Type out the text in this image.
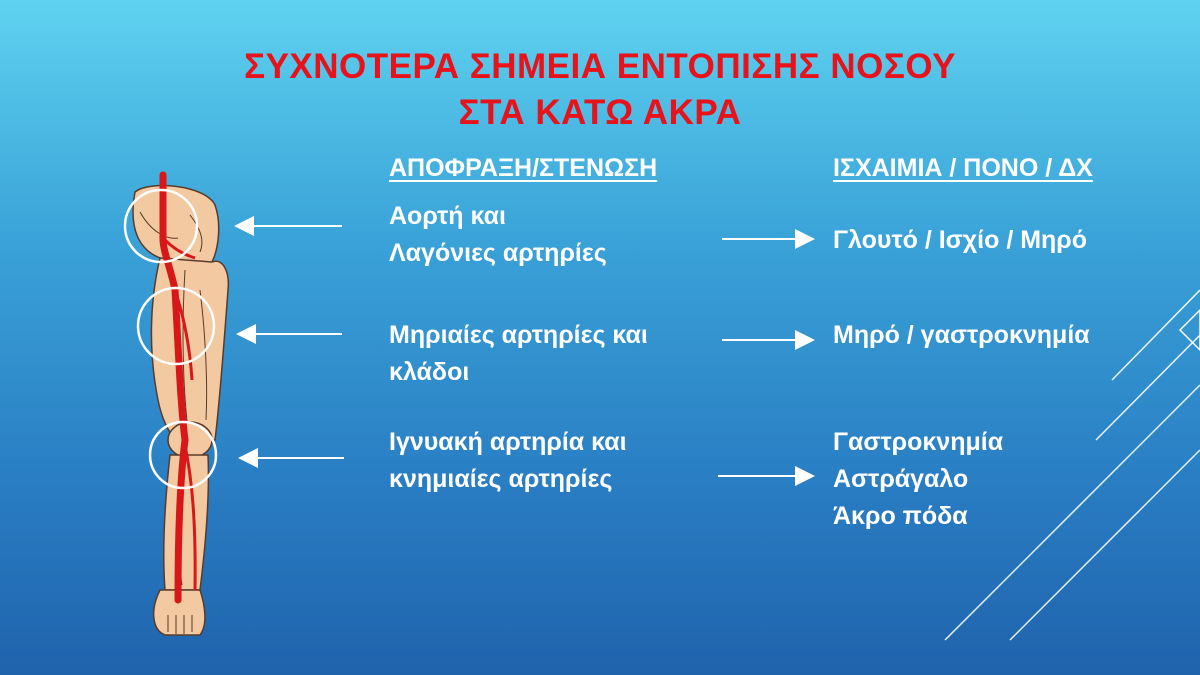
ΣΥΧΝΟΤΕΡΑ ΣΗΜΕΙΑ ΕΝΤΟΠΙΣΗΣ ΝΟΣΟΥ
ΣΤΑ ΚΑΤΩ ΑΚΡΑ
ΑΠΟΦΡΑΞΗ/ΣΤΕΝΩΣΗ	ΙΣΧΑΙΜΙΑ / ΠΟΝΟ / ΔΧ
Αορτή και
Λαγόνιες αρτηρίες	Γλουτό / Ισχίο / Μηρό
Μηριαίες αρτηρίες και
κλάδοι
Μηρό / γαστροκνημία
Ιγνυακή αρτηρία και
κνημιαίες αρτηρίες
Γαστροκνημία
Αστράγαλο
Άκρο πόδα
